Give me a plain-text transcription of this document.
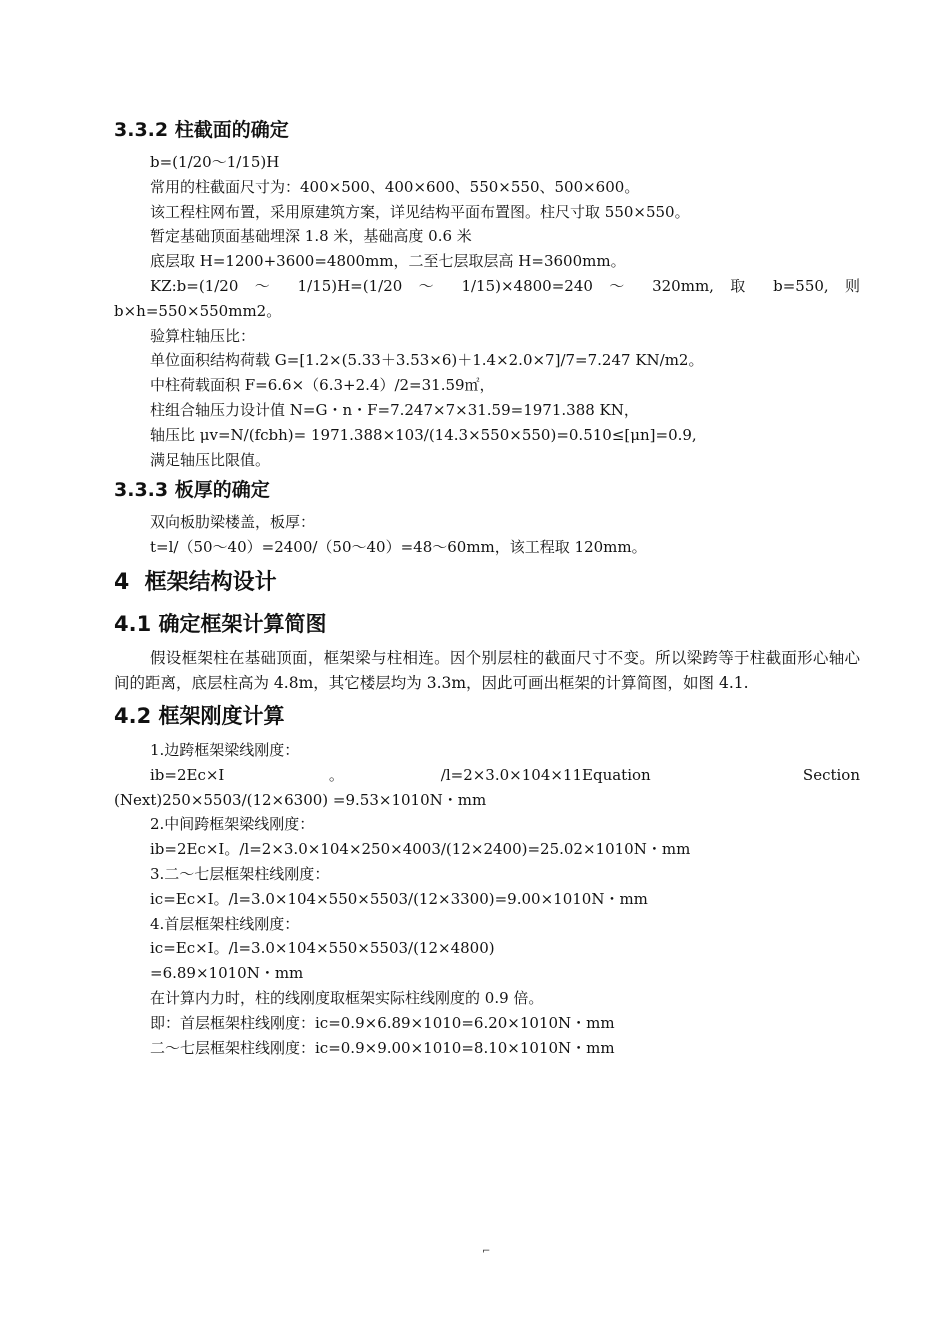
3.3.2 柱截面的确定

b=(1/20～1/15)H

常用的柱截面尺寸为：400×500、400×600、550×550、500×600。

该工程柱网布置，采用原建筑方案，详见结构平面布置图。柱尺寸取 550×550。

暂定基础顶面基础埋深 1.8 米，基础高度 0.6 米

底层取 H=1200+3600=4800mm，二至七层取层高 H=3600mm。

KZ:b=(1/20 ～ 1/15)H=(1/20 ～ 1/15)×4800=240 ～ 320mm, 取 b=550, 则

b×h=550×550mm2。

验算柱轴压比：

单位面积结构荷载 G=[1.2×(5.33＋3.53×6)＋1.4×2.0×7]/7=7.247 KN/m2。

中柱荷载面积 F=6.6×（6.3+2.4）/2=31.59㎡，

柱组合轴压力设计值 N=G・n・F=7.247×7×31.59=1971.388 KN，

轴压比 μv=N/(fcbh)= 1971.388×103/(14.3×550×550)=0.510≤[μn]=0.9,

满足轴压比限值。

3.3.3 板厚的确定

双向板肋梁楼盖，板厚：

t=l/（50～40）=2400/（50～40）=48～60mm，该工程取 120mm。

4  框架结构设计
4.1 确定框架计算简图

假设框架柱在基础顶面，框架梁与柱相连。因个别层柱的截面尺寸不变。所以梁跨等于柱截面形心轴心间的距离，底层柱高为 4.8m，其它楼层均为 3.3m，因此可画出框架的计算简图，如图 4.1.

4.2 框架刚度计算

1.边跨框架梁线刚度：

ib=2Ec×I　　　　。　　　　/l=2×3.0×104×11Equation　　　　　　Section

(Next)250×5503/(12×6300) =9.53×1010N・mm

2.中间跨框架梁线刚度：

ib=2Ec×I。/l=2×3.0×104×250×4003/(12×2400)=25.02×1010N・mm

3.二～七层框架柱线刚度：

ic=Ec×I。/l=3.0×104×550×5503/(12×3300)=9.00×1010N・mm

4.首层框架柱线刚度：

ic=Ec×I。/l=3.0×104×550×5503/(12×4800)

=6.89×1010N・mm

在计算内力时，柱的线刚度取框架实际柱线刚度的 0.9 倍。

即：首层框架柱线刚度：ic=0.9×6.89×1010=6.20×1010N・mm

二～七层框架柱线刚度：ic=0.9×9.00×1010=8.10×1010N・mm

⌐
